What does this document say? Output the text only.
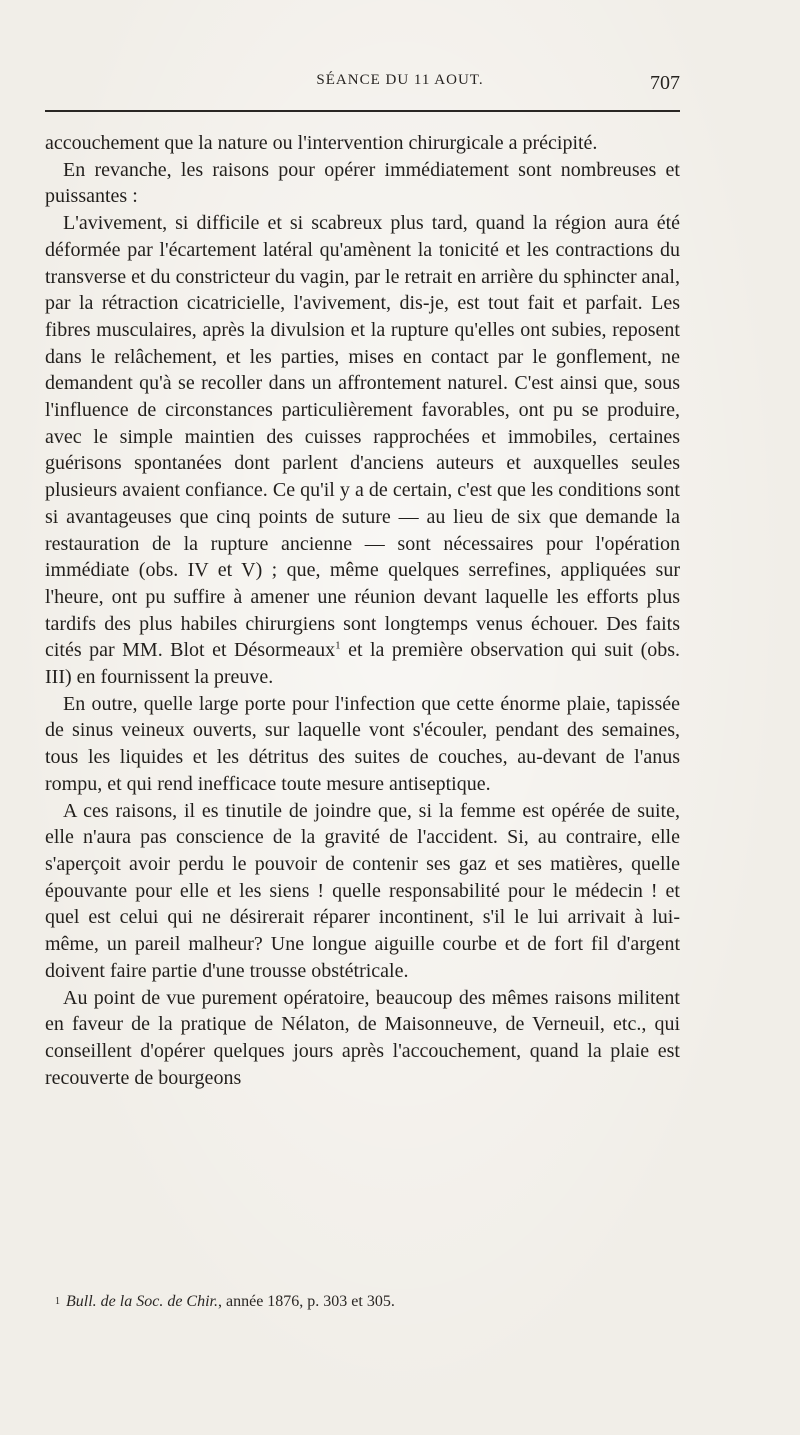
SÉANCE DU 11 AOUT.	707

accouchement que la nature ou l'intervention chirurgicale a précipité.

En revanche, les raisons pour opérer immédiatement sont nombreuses et puissantes :

L'avivement, si difficile et si scabreux plus tard, quand la région aura été déformée par l'écartement latéral qu'amènent la tonicité et les contractions du transverse et du constricteur du vagin, par le retrait en arrière du sphincter anal, par la rétraction cicatricielle, l'avivement, dis-je, est tout fait et parfait. Les fibres musculaires, après la divulsion et la rupture qu'elles ont subies, reposent dans le relâchement, et les parties, mises en contact par le gonflement, ne demandent qu'à se recoller dans un affrontement naturel. C'est ainsi que, sous l'influence de circonstances particulièrement favorables, ont pu se produire, avec le simple maintien des cuisses rapprochées et immobiles, certaines guérisons spontanées dont parlent d'anciens auteurs et auxquelles seules plusieurs avaient confiance. Ce qu'il y a de certain, c'est que les conditions sont si avantageuses que cinq points de suture — au lieu de six que demande la restauration de la rupture ancienne — sont nécessaires pour l'opération immédiate (obs. IV et V) ; que, même quelques serrefines, appliquées sur l'heure, ont pu suffire à amener une réunion devant laquelle les efforts plus tardifs des plus habiles chirurgiens sont longtemps venus échouer. Des faits cités par MM. Blot et Désormeaux$^1$ et la première observation qui suit (obs. III) en fournissent la preuve.

En outre, quelle large porte pour l'infection que cette énorme plaie, tapissée de sinus veineux ouverts, sur laquelle vont s'écouler, pendant des semaines, tous les liquides et les détritus des suites de couches, au-devant de l'anus rompu, et qui rend inefficace toute mesure antiseptique.

A ces raisons, il es tinutile de joindre que, si la femme est opérée de suite, elle n'aura pas conscience de la gravité de l'accident. Si, au contraire, elle s'aperçoit avoir perdu le pouvoir de contenir ses gaz et ses matières, quelle épouvante pour elle et les siens ! quelle responsabilité pour le médecin ! et quel est celui qui ne désirerait réparer incontinent, s'il le lui arrivait à lui-même, un pareil malheur? Une longue aiguille courbe et de fort fil d'argent doivent faire partie d'une trousse obstétricale.

Au point de vue purement opératoire, beaucoup des mêmes raisons militent en faveur de la pratique de Nélaton, de Maisonneuve, de Verneuil, etc., qui conseillent d'opérer quelques jours après l'accouchement, quand la plaie est recouverte de bourgeons

$^1$ Bull. de la Soc. de Chir., année 1876, p. 303 et 305.
